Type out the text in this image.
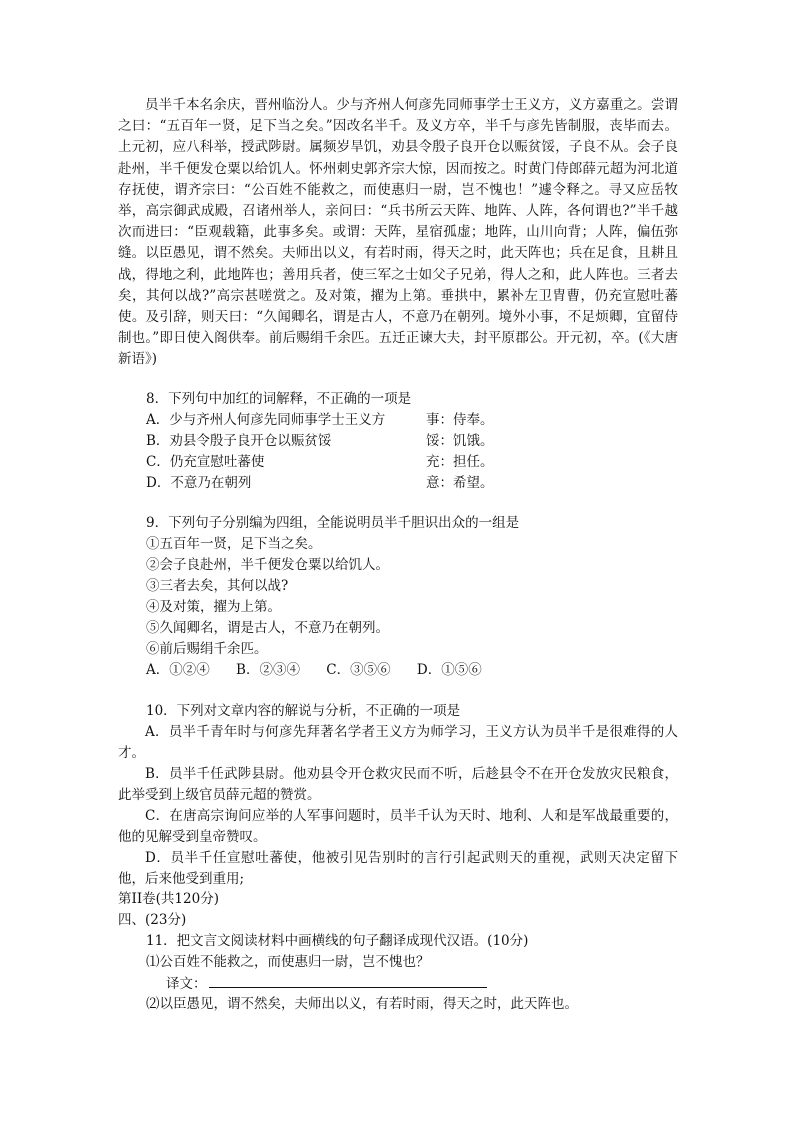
员半千本名余庆，晋州临汾人。少与齐州人何彦先同师事学士王义方，义方嘉重之。尝谓之曰：“五百年一贤，足下当之矣。”因改名半千。及义方卒，半千与彦先皆制服，丧毕而去。上元初，应八科举，授武陟尉。属频岁旱饥，劝县令殷子良开仓以赈贫馁，子良不从。会子良赴州，半千便发仓粟以给饥人。怀州刺史郭齐宗大惊，因而按之。时黄门侍郎薛元超为河北道存抚使，谓齐宗曰：“公百姓不能救之，而使惠归一尉，岂不愧也！”遽令释之。寻又应岳牧举，高宗御武成殿，召诸州举人，亲问曰：“兵书所云天阵、地阵、人阵，各何谓也?”半千越次而进曰：“臣观载籍，此事多矣。或谓：天阵，星宿孤虚；地阵，山川向背；人阵，偏伍弥缝。以臣愚见，谓不然矣。夫师出以义，有若时雨，得天之时，此天阵也；兵在足食，且耕且战，得地之利，此地阵也；善用兵者，使三军之士如父子兄弟，得人之和，此人阵也。三者去矣，其何以战?”高宗甚嗟赏之。及对策，擢为上第。垂拱中，累补左卫胄曹，仍充宣慰吐蕃使。及引辞，则天曰：“久闻卿名，谓是古人，不意乃在朝列。境外小事，不足烦卿，宜留侍制也。”即日使入阁供奉。前后赐绢千余匹。五迁正谏大夫，封平原郡公。开元初，卒。(《大唐新语》)

8．下列句中加红的词解释，不正确的一项是
A．少与齐州人何彦先同师事学士王义方	事：侍奉。
B．劝县令殷子良开仓以赈贫馁	馁：饥饿。
C．仍充宣慰吐蕃使	充：担任。
D．不意乃在朝列	意：希望。
9．下列句子分别编为四组，全能说明员半千胆识出众的一组是
①五百年一贤，足下当之矣。
②会子良赴州，半千便发仓粟以给饥人。
③三者去矣，其何以战?
④及对策，擢为上第。
⑤久闻卿名，谓是古人，不意乃在朝列。
⑥前后赐绢千余匹。
A．①②④ B．②③④ C．③⑤⑥ D．①⑤⑥
10．下列对文章内容的解说与分析，不正确的一项是

A．员半千青年时与何彦先拜著名学者王义方为师学习，王义方认为员半千是很难得的人才。

B．员半千任武陟县尉。他劝县令开仓救灾民而不听，后趁县令不在开仓发放灾民粮食，此举受到上级官员薛元超的赞赏。

C．在唐高宗询问应举的人军事问题时，员半千认为天时、地利、人和是军战最重要的，他的见解受到皇帝赞叹。

D．员半千任宣慰吐蕃使，他被引见告别时的言行引起武则天的重视，武则天决定留下他，后来他受到重用;

第II卷(共120分)
四、(23分)
11．把文言文阅读材料中画横线的句子翻译成现代汉语。(10分)
⑴公百姓不能救之，而使惠归一尉，岂不愧也？
译文：
⑵以臣愚见，谓不然矣，夫师出以义，有若时雨，得天之时，此天阵也。
